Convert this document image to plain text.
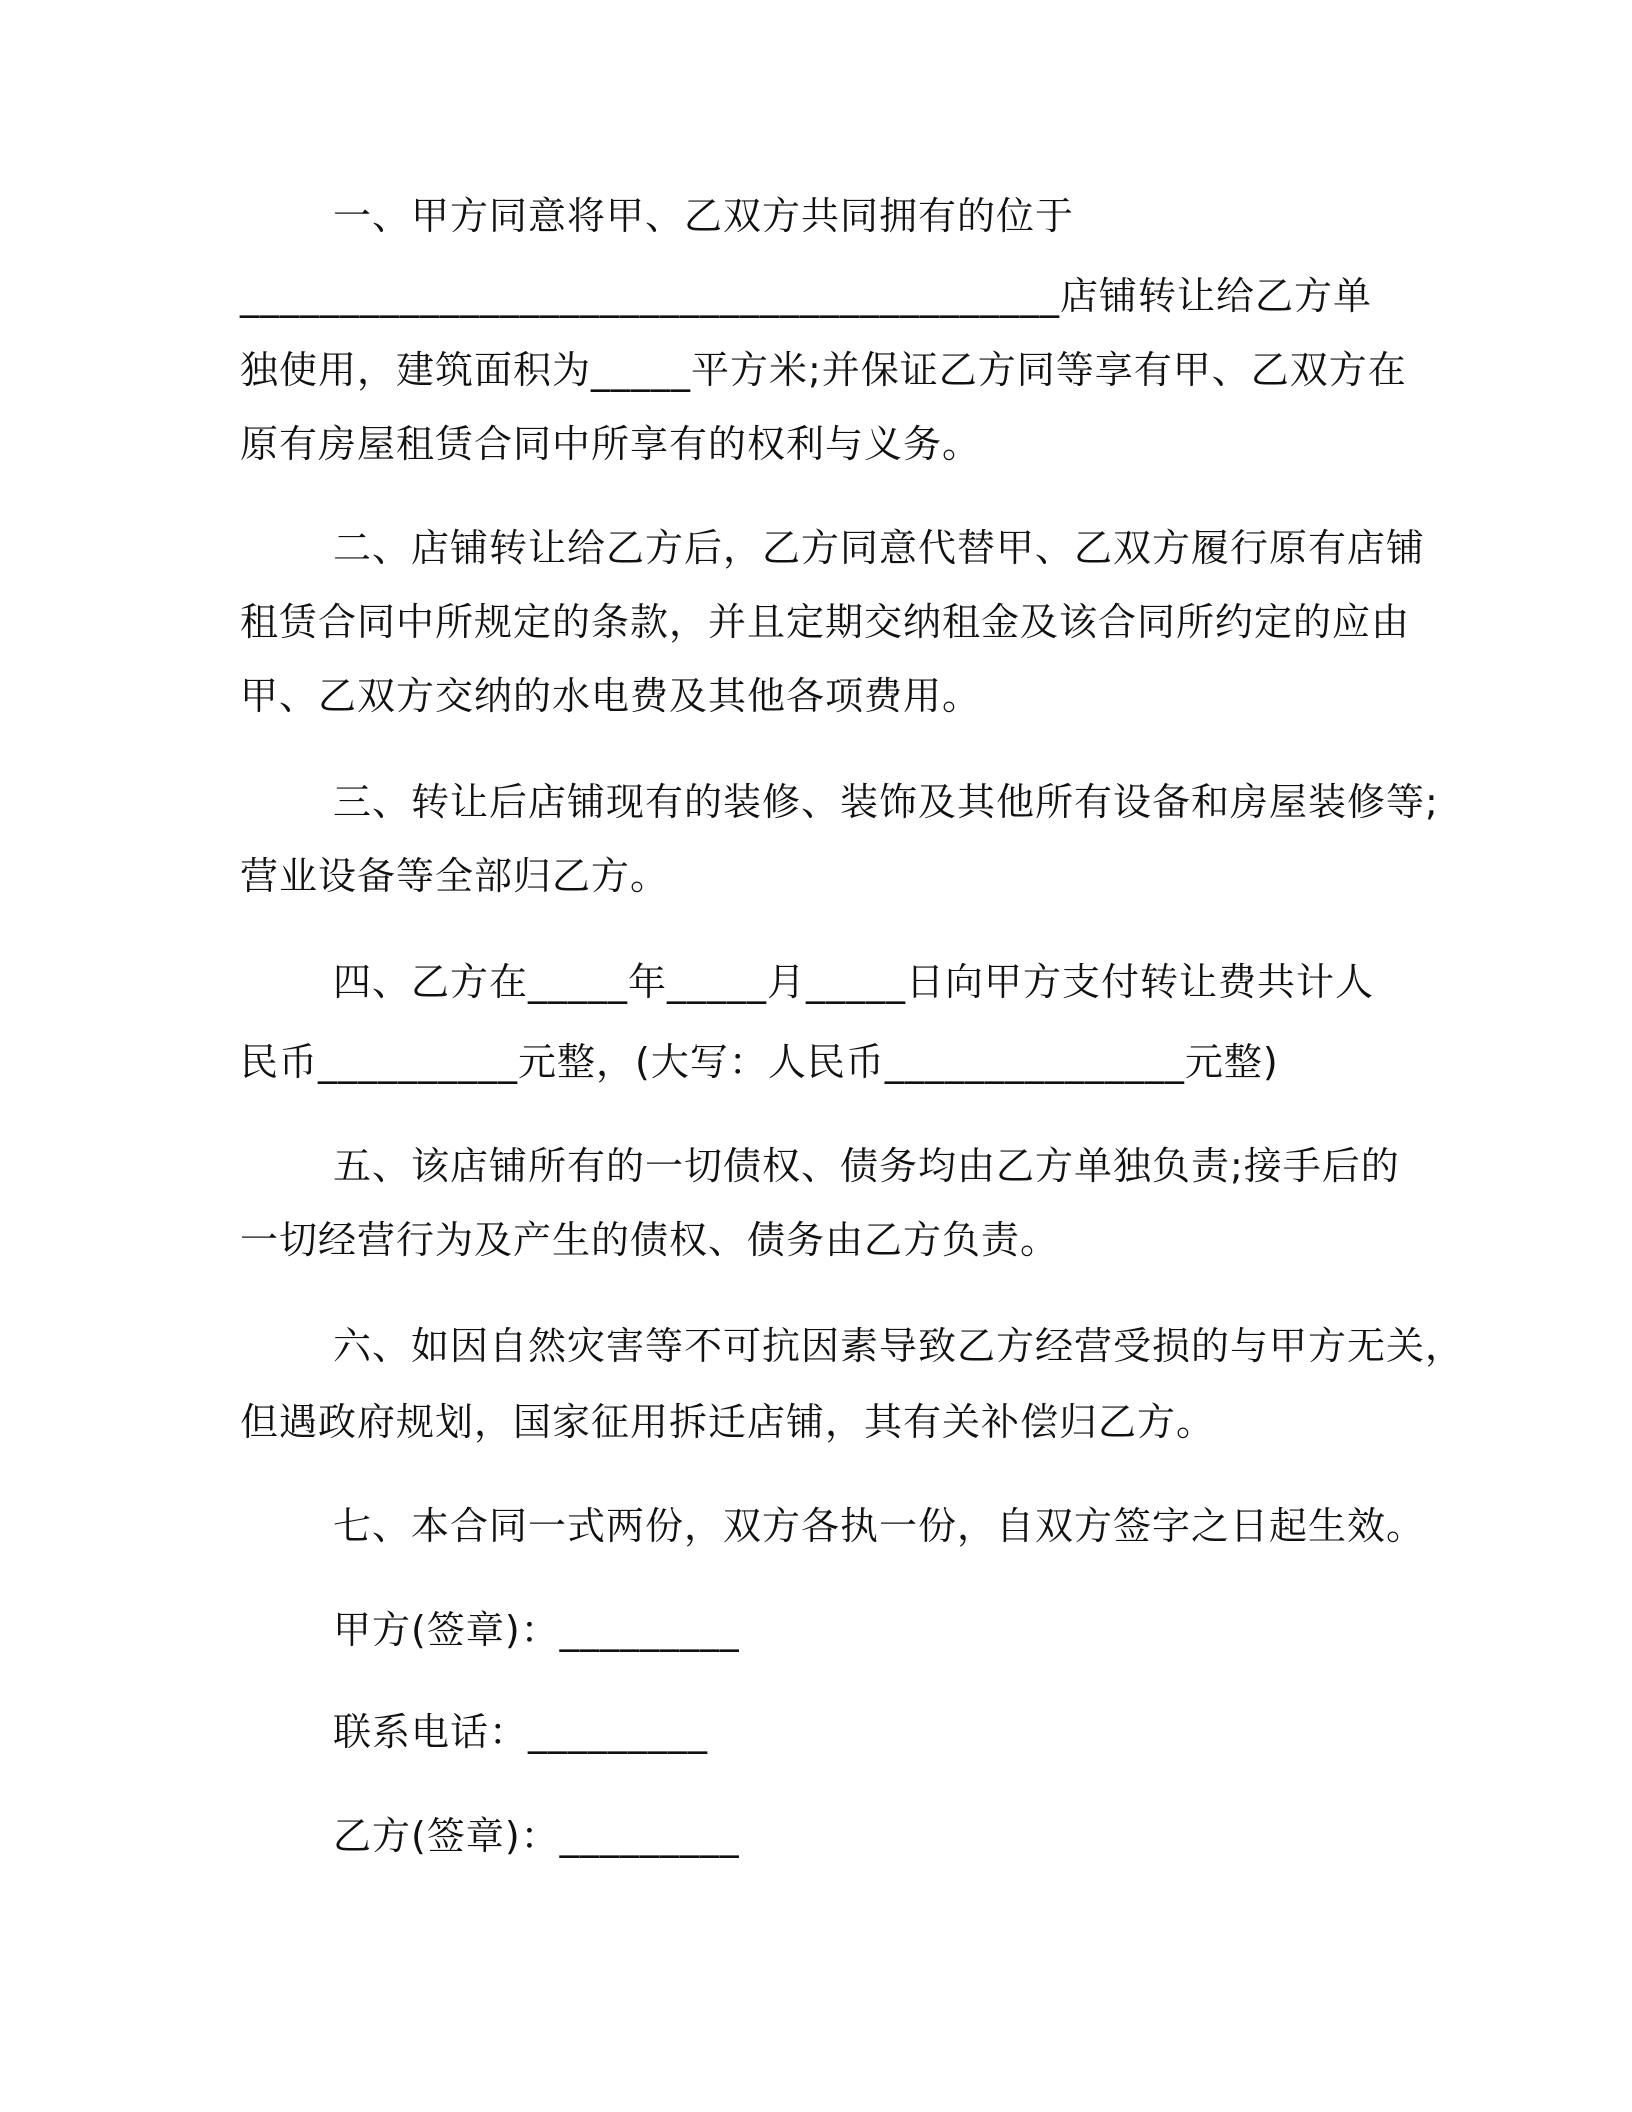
一、甲方同意将甲、乙双方共同拥有的位于
_________________________________________店铺转让给乙方单
独使用，建筑面积为_____平方米;并保证乙方同等享有甲、乙双方在
原有房屋租赁合同中所享有的权利与义务。
二、店铺转让给乙方后，乙方同意代替甲、乙双方履行原有店铺
租赁合同中所规定的条款，并且定期交纳租金及该合同所约定的应由
甲、乙双方交纳的水电费及其他各项费用。
三、转让后店铺现有的装修、装饰及其他所有设备和房屋装修等;
营业设备等全部归乙方。
四、乙方在_____年_____月_____日向甲方支付转让费共计人
民币__________元整，(大写：人民币_______________元整)
五、该店铺所有的一切债权、债务均由乙方单独负责;接手后的
一切经营行为及产生的债权、债务由乙方负责。
六、如因自然灾害等不可抗因素导致乙方经营受损的与甲方无关，
但遇政府规划，国家征用拆迁店铺，其有关补偿归乙方。
七、本合同一式两份，双方各执一份，自双方签字之日起生效。
甲方(签章)：_________
联系电话：_________
乙方(签章)：_________
